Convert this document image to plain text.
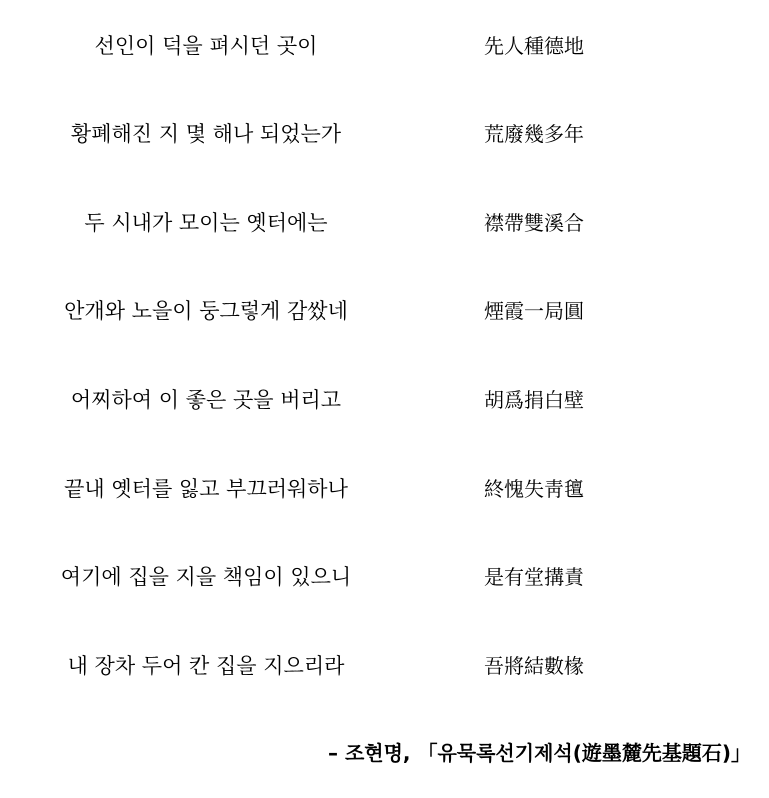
선인이 덕을 펴시던 곳이	先人種德地
황폐해진 지 몇 해나 되었는가	荒廢幾多年
두 시내가 모이는 옛터에는	襟帶雙溪合
안개와 노을이 둥그렇게 감쌌네	煙霞一局圓
어찌하여 이 좋은 곳을 버리고	胡爲捐白壁
끝내 옛터를 잃고 부끄러워하나	終愧失靑氊
여기에 집을 지을 책임이 있으니	是有堂搆責
내 장차 두어 칸 집을 지으리라	吾將結數椽
– 조현명, 「유묵록선기제석(遊墨麓先基題石)」
